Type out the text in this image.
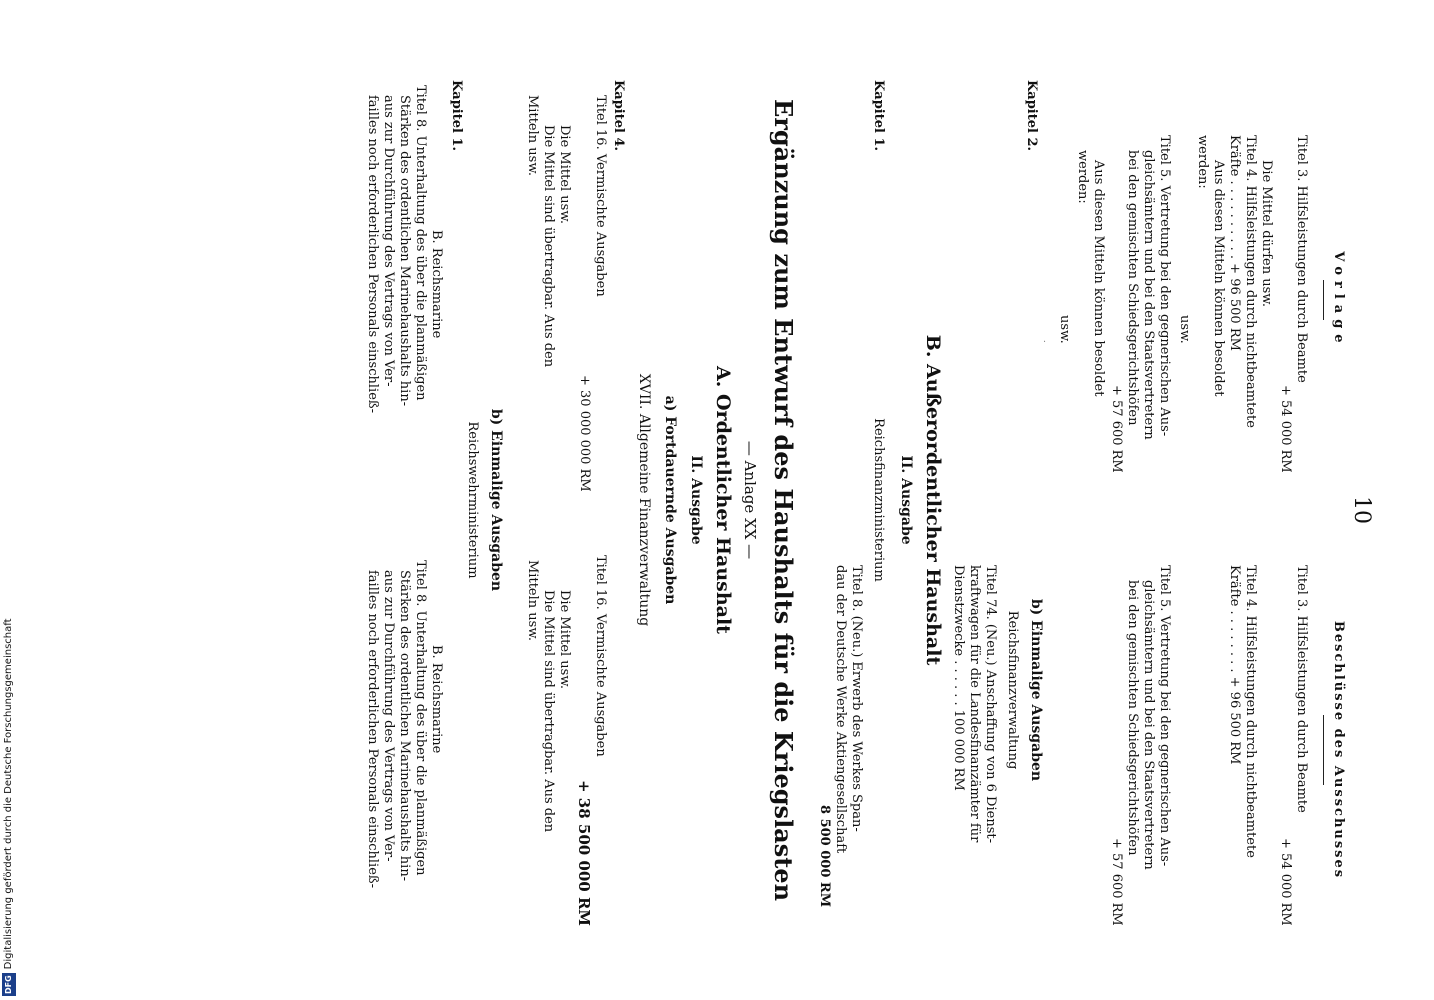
10
Vorlage
Beschlüsse des Ausschusses
Titel 3. Hilfsleistungen durch Beamte
+ 54 000 RM
Die Mittel dürfen usw.
Titel 4. Hilfsleistungen durch nichtbeamtete
Kräfte . . . . . . . . . . + 96 500 RM
Aus diesen Mitteln können besoldet
werden:
usw.
Titel 5. Vertretung bei den gegnerischen Aus-
gleichsämtern und bei den Staatsvertretern
bei den gemischten Schiedsgerichtshöfen
+ 57 600 RM
Aus diesen Mitteln können besoldet
werden:
usw.
Titel 3. Hilfsleistungen durch Beamte
+ 54 000 RM
Titel 4. Hilfsleistungen durch nichtbeamtete
Kräfte . . . . . . . . + 96 500 RM
Titel 5. Vertretung bei den gegnerischen Aus-
gleichsämtern und bei den Staatsvertretern
bei den gemischten Schiedsgerichtshöfen
+ 57 600 RM
Kapitel 2.
b) Einmalige Ausgaben
Reichsfinanzverwaltung
Titel 74. (Neu.) Anschaffung von 6 Dienst-
kraftwagen für die Landesfinanzämter für
Dienstzwecke . . . . . . 100 000 RM
B. Außerordentlicher Haushalt
II. Ausgabe
Kapitel 1.
Reichsfinanzministerium
Titel 8. (Neu.) Erwerb des Werkes Span-
dau der Deutsche Werke Aktiengesellschaft
8 500 000 RM
Ergänzung zum Entwurf des Haushalts für die Kriegslasten
— Anlage XX —
A. Ordentlicher Haushalt
II. Ausgabe
a) Fortdauernde Ausgaben
XVII. Allgemeine Finanzverwaltung
Kapitel 4.
Titel 16. Vermischte Ausgaben
+ 30 000 000 RM
Die Mittel usw.
Die Mittel sind übertragbar. Aus den
Mitteln usw.
Titel 16. Vermischte Ausgaben
+ 38 500 000 RM
Die Mittel usw.
Die Mittel sind übertragbar. Aus den
Mitteln usw.
b) Einmalige Ausgaben
Reichswehrministerium
Kapitel 1.
B. Reichsmarine
B. Reichsmarine
Titel 8. Unterhaltung des über die planmäßigen
Stärken des ordentlichen Marinehaushalts hin-
aus zur Durchführung des Vertrags von Ver-
failles noch erforderlichen Personals einschließ-
Titel 8. Unterhaltung des über die planmäßigen
Stärken des ordentlichen Marinehaushalts hin-
aus zur Durchführung des Vertrags von Ver-
failles noch erforderlichen Personals einschließ-
.
DFGDigitalisierung gefördert durch die Deutsche Forschungsgemeinschaft
